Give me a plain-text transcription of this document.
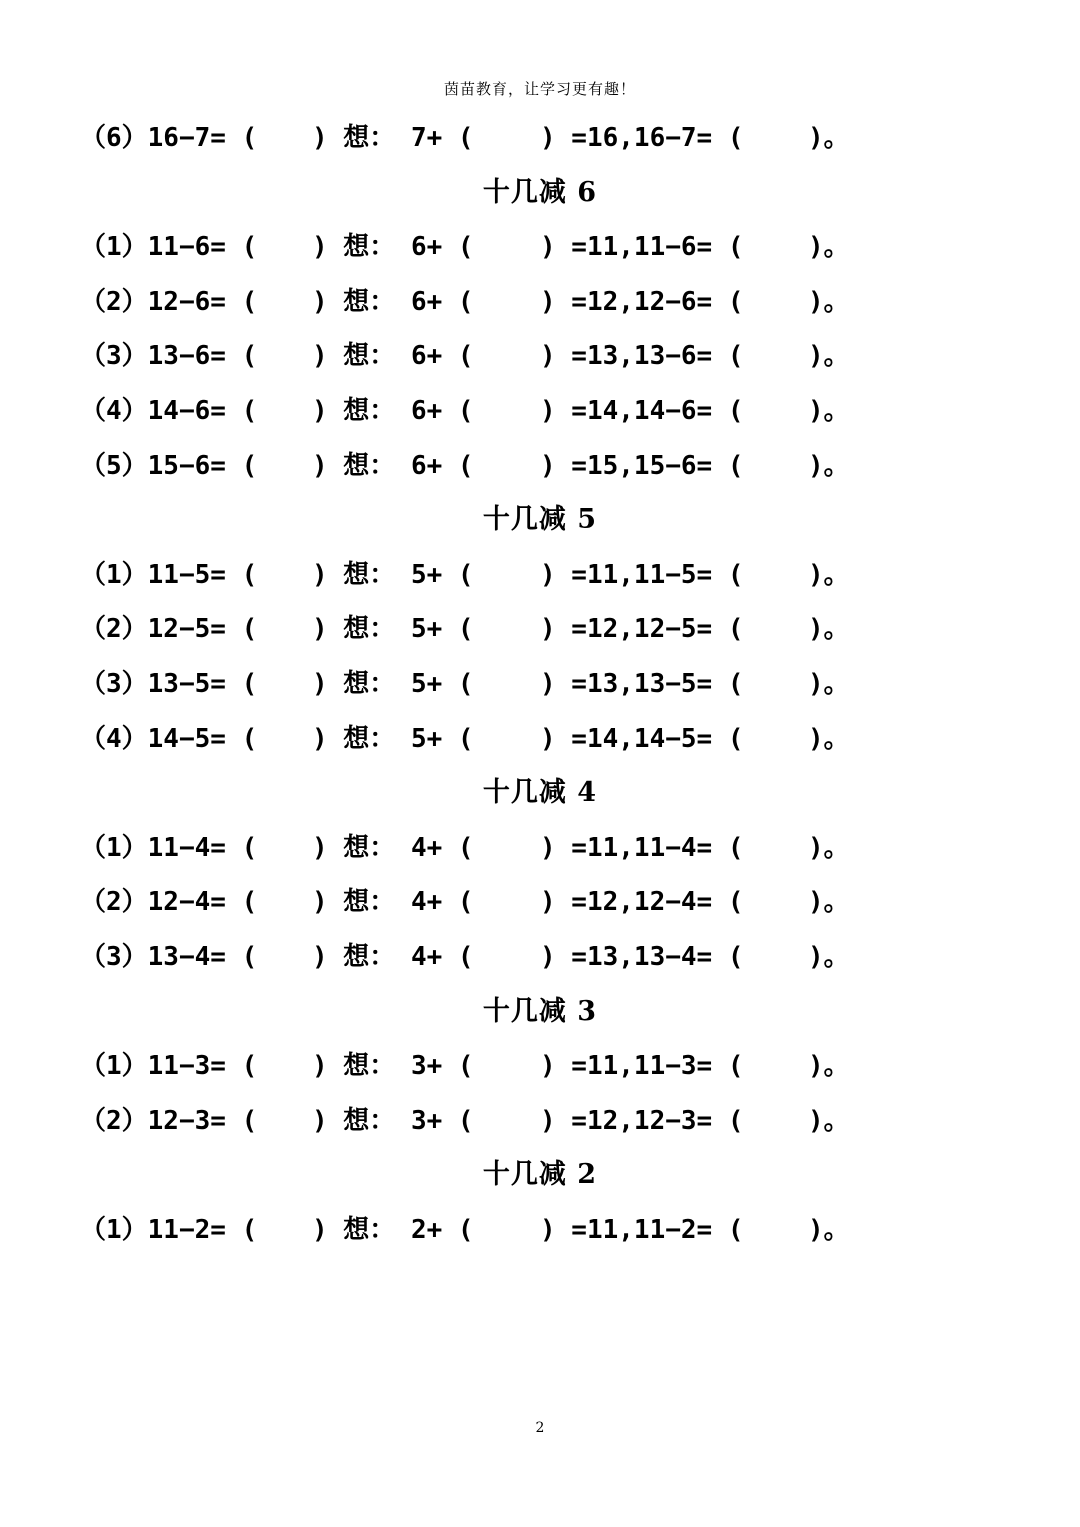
茵苗教育，让学习更有趣！
（6）16−7= ( ) 想： 7+ (	) =16,16−7= ( )。
十几减 6
（1）11−6= ( ) 想： 6+ (	) =11,11−6= ( )。
（2）12−6= ( ) 想： 6+ (	) =12,12−6= ( )。
（3）13−6= ( ) 想： 6+ (	) =13,13−6= ( )。
（4）14−6= ( ) 想： 6+ (	) =14,14−6= ( )。
（5）15−6= ( ) 想： 6+ (	) =15,15−6= ( )。
十几减 5
（1）11−5= ( ) 想： 5+ (	) =11,11−5= ( )。
（2）12−5= ( ) 想： 5+ (	) =12,12−5= ( )。
（3）13−5= ( ) 想： 5+ (	) =13,13−5= ( )。
（4）14−5= ( ) 想： 5+ (	) =14,14−5= ( )。
十几减 4
（1）11−4= ( ) 想： 4+ (	) =11,11−4= ( )。
（2）12−4= ( ) 想： 4+ (	) =12,12−4= ( )。
（3）13−4= ( ) 想： 4+ (	) =13,13−4= ( )。
十几减 3
（1）11−3= ( ) 想： 3+ (	) =11,11−3= ( )。
（2）12−3= ( ) 想： 3+ (	) =12,12−3= ( )。
十几减 2
（1）11−2= ( ) 想： 2+ (	) =11,11−2= ( )。
2
